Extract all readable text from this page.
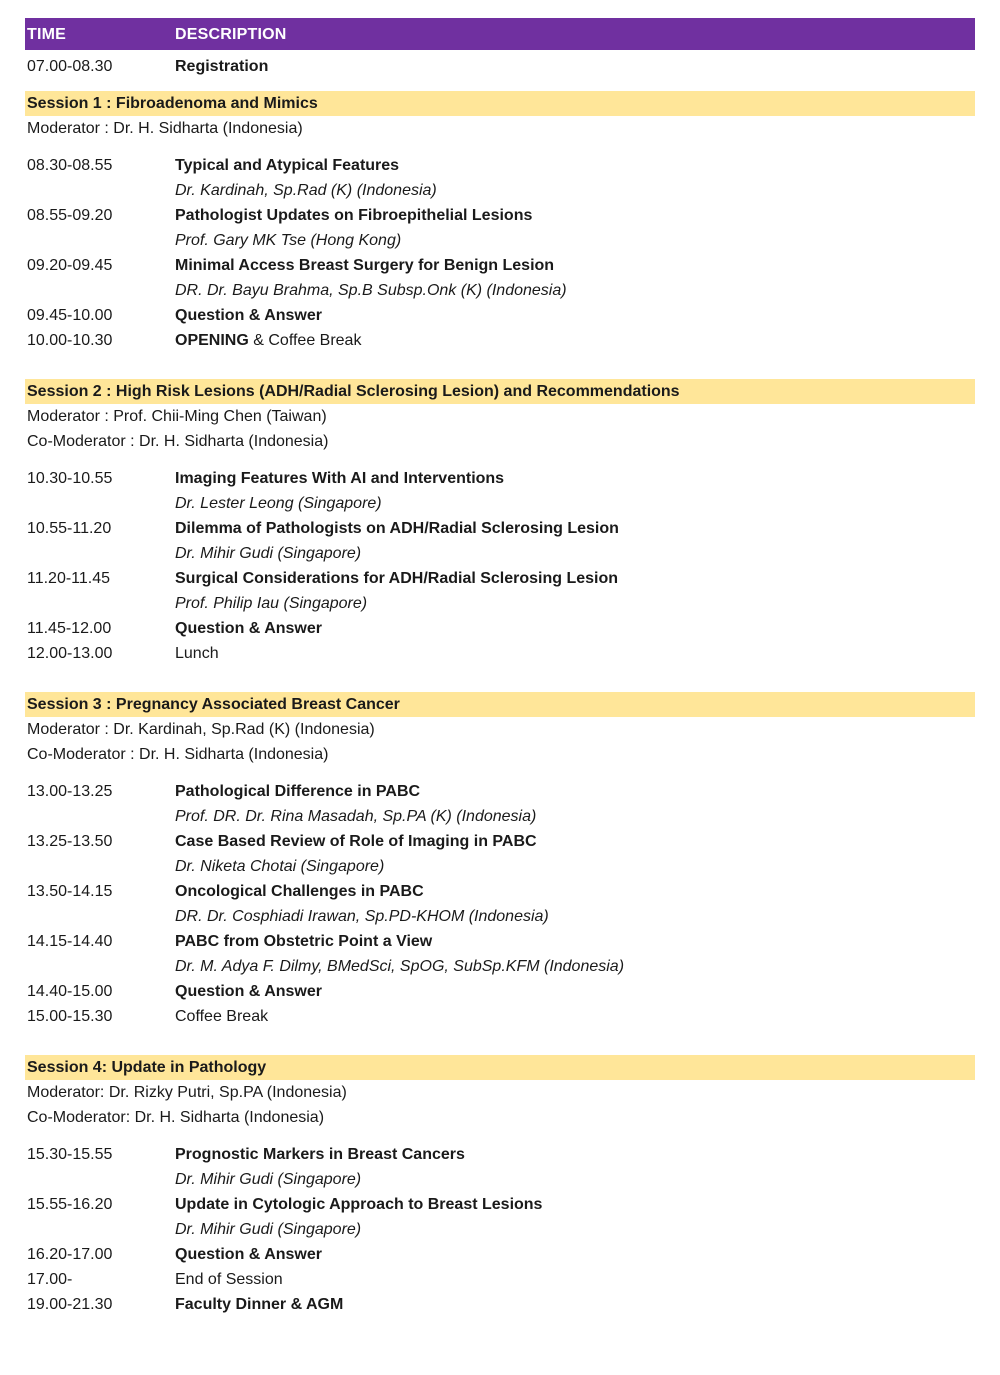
TIME	DESCRIPTION
07.00-08.30	Registration
Session 1 : Fibroadenoma and Mimics
Moderator : Dr. H. Sidharta (Indonesia)
08.30-08.55	Typical and Atypical Features
Dr. Kardinah, Sp.Rad (K) (Indonesia)
08.55-09.20	Pathologist Updates on Fibroepithelial Lesions
Prof. Gary MK Tse (Hong Kong)
09.20-09.45	Minimal Access Breast Surgery for Benign Lesion
DR. Dr. Bayu Brahma, Sp.B Subsp.Onk (K) (Indonesia)
09.45-10.00	Question & Answer
10.00-10.30	OPENING & Coffee Break
Session 2 : High Risk Lesions (ADH/Radial Sclerosing Lesion) and Recommendations
Moderator : Prof. Chii-Ming Chen (Taiwan)
Co-Moderator : Dr. H. Sidharta (Indonesia)
10.30-10.55	Imaging Features With AI and Interventions
Dr. Lester Leong (Singapore)
10.55-11.20	Dilemma of Pathologists on ADH/Radial Sclerosing Lesion
Dr. Mihir Gudi (Singapore)
11.20-11.45	Surgical Considerations for ADH/Radial Sclerosing Lesion
Prof. Philip Iau (Singapore)
11.45-12.00	Question & Answer
12.00-13.00	Lunch
Session 3 : Pregnancy Associated Breast Cancer
Moderator : Dr. Kardinah, Sp.Rad (K) (Indonesia)
Co-Moderator : Dr. H. Sidharta (Indonesia)
13.00-13.25	Pathological Difference in PABC
Prof. DR. Dr. Rina Masadah, Sp.PA (K) (Indonesia)
13.25-13.50	Case Based Review of Role of Imaging in PABC
Dr. Niketa Chotai (Singapore)
13.50-14.15	Oncological Challenges in PABC
DR. Dr. Cosphiadi Irawan, Sp.PD-KHOM (Indonesia)
14.15-14.40	PABC from Obstetric Point a View
Dr. M. Adya F. Dilmy, BMedSci, SpOG, SubSp.KFM (Indonesia)
14.40-15.00	Question & Answer
15.00-15.30	Coffee Break
Session 4: Update in Pathology
Moderator: Dr. Rizky Putri, Sp.PA (Indonesia)
Co-Moderator: Dr. H. Sidharta (Indonesia)
15.30-15.55	Prognostic Markers in Breast Cancers
Dr. Mihir Gudi (Singapore)
15.55-16.20	Update in Cytologic Approach to Breast Lesions
Dr. Mihir Gudi (Singapore)
16.20-17.00	Question & Answer
17.00-	End of Session
19.00-21.30	Faculty Dinner & AGM
